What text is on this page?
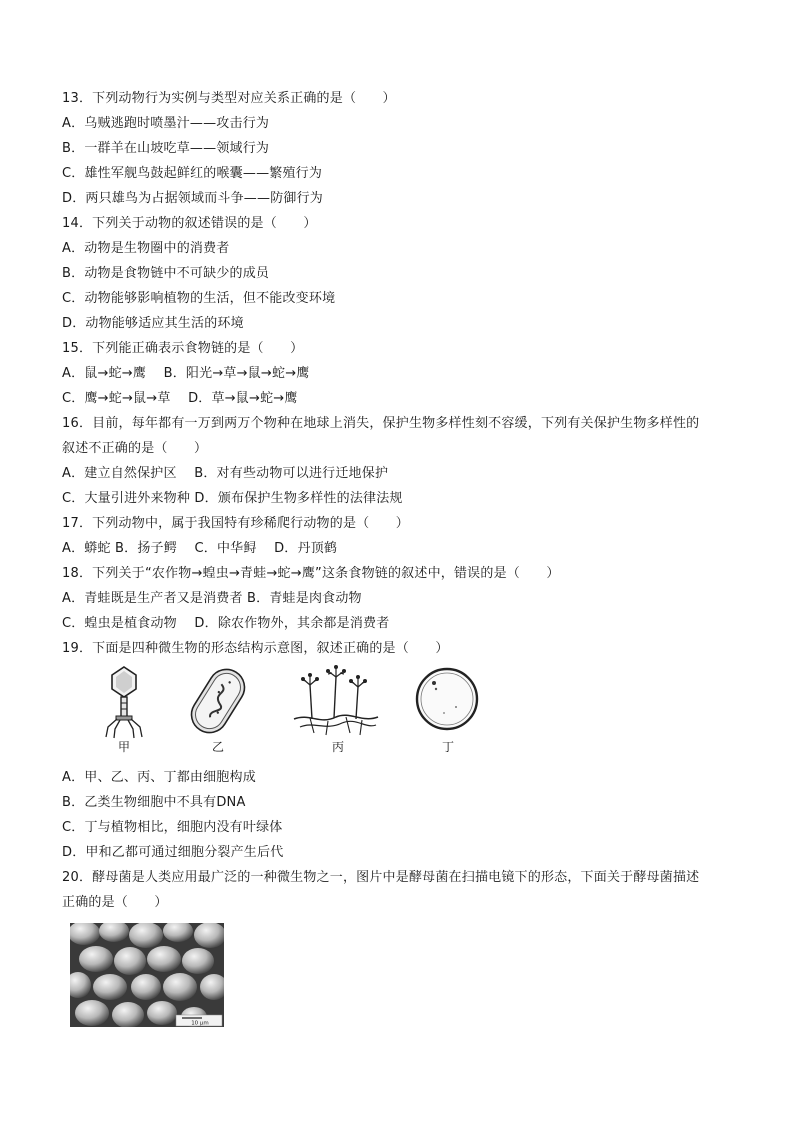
13．下列动物行为实例与类型对应关系正确的是（　　）
A．乌贼逃跑时喷墨汁——攻击行为
B．一群羊在山坡吃草——领域行为
C．雄性军舰鸟鼓起鲜红的喉囊——繁殖行为
D．两只雄鸟为占据领域而斗争——防御行为
14．下列关于动物的叙述错误的是（　　）
A．动物是生物圈中的消费者
B．动物是食物链中不可缺少的成员
C．动物能够影响植物的生活，但不能改变环境
D．动物能够适应其生活的环境
15．下列能正确表示食物链的是（　　）
A．鼠→蛇→鹰　 B．阳光→草→鼠→蛇→鹰
C．鹰→蛇→鼠→草　 D．草→鼠→蛇→鹰
16．目前，每年都有一万到两万个物种在地球上消失，保护生物多样性刻不容缓，下列有关保护生物多样性的
叙述不正确的是（　　）
A．建立自然保护区　 B．对有些动物可以进行迁地保护
C．大量引进外来物种 D．颁布保护生物多样性的法律法规
17．下列动物中，属于我国特有珍稀爬行动物的是（　　）
A．蟒蛇 B．扬子鳄　 C．中华鲟　 D．丹顶鹤
18．下列关于“农作物→蝗虫→青蛙→蛇→鹰”这条食物链的叙述中，错误的是（　　）
A．青蛙既是生产者又是消费者 B．青蛙是肉食动物
C．蝗虫是植食动物　 D．除农作物外，其余都是消费者
19．下面是四种微生物的形态结构示意图，叙述正确的是（　　）
甲	乙	丙	丁
A．甲、乙、丙、丁都由细胞构成
B．乙类生物细胞中不具有DNA
C．丁与植物相比，细胞内没有叶绿体
D．甲和乙都可通过细胞分裂产生后代
20．酵母菌是人类应用最广泛的一种微生物之一，图片中是酵母菌在扫描电镜下的形态，下面关于酵母菌描述
正确的是（　　）
10 μm
